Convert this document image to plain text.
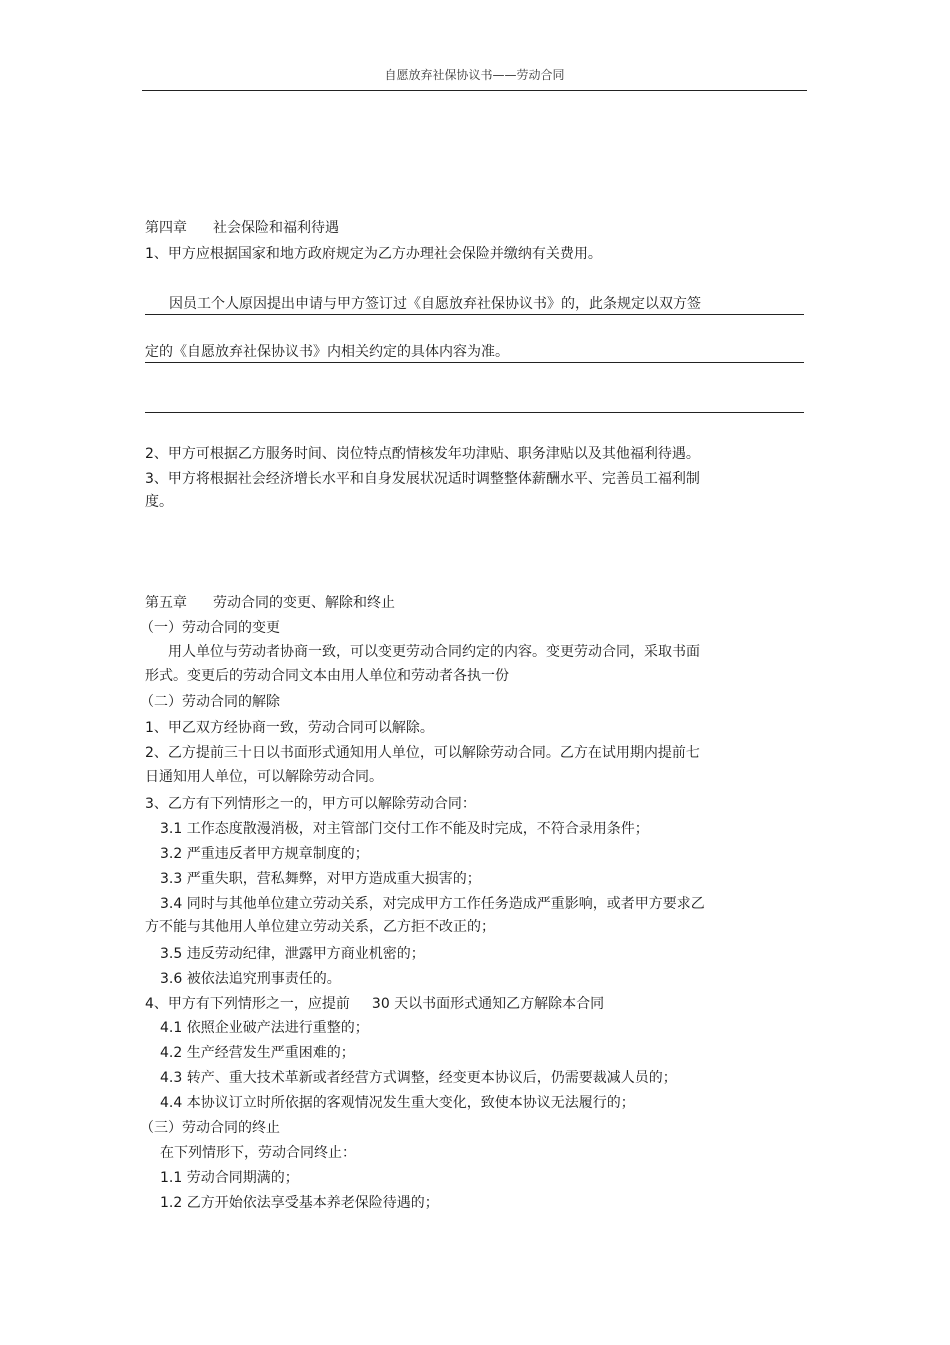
自愿放弃社保协议书——劳动合同
第四章 社会保险和福利待遇
1、甲方应根据国家和地方政府规定为乙方办理社会保险并缴纳有关费用。
因员工个人原因提出申请与甲方签订过《自愿放弃社保协议书》的，此条规定以双方签
定的《自愿放弃社保协议书》内相关约定的具体内容为准。
2、甲方可根据乙方服务时间、岗位特点酌情核发年功津贴、职务津贴以及其他福利待遇。
3、甲方将根据社会经济增长水平和自身发展状况适时调整整体薪酬水平、完善员工福利制
度。
第五章 劳动合同的变更、解除和终止
（一）劳动合同的变更
用人单位与劳动者协商一致，可以变更劳动合同约定的内容。变更劳动合同，采取书面
形式。变更后的劳动合同文本由用人单位和劳动者各执一份
（二）劳动合同的解除
1、甲乙双方经协商一致，劳动合同可以解除。
2、乙方提前三十日以书面形式通知用人单位，可以解除劳动合同。乙方在试用期内提前七
日通知用人单位，可以解除劳动合同。
3、乙方有下列情形之一的，甲方可以解除劳动合同：
3.1 工作态度散漫消极，对主管部门交付工作不能及时完成，不符合录用条件；
3.2 严重违反者甲方规章制度的；
3.3 严重失职，营私舞弊，对甲方造成重大损害的；
3.4 同时与其他单位建立劳动关系，对完成甲方工作任务造成严重影响，或者甲方要求乙
方不能与其他用人单位建立劳动关系，乙方拒不改正的；
3.5 违反劳动纪律，泄露甲方商业机密的；
3.6 被依法追究刑事责任的。
4、甲方有下列情形之一，应提前 30 天以书面形式通知乙方解除本合同
4.1 依照企业破产法进行重整的；
4.2 生产经营发生严重困难的；
4.3 转产、重大技术革新或者经营方式调整，经变更本协议后，仍需要裁减人员的；
4.4 本协议订立时所依据的客观情况发生重大变化，致使本协议无法履行的；
（三）劳动合同的终止
在下列情形下，劳动合同终止：
1.1 劳动合同期满的；
1.2 乙方开始依法享受基本养老保险待遇的；
